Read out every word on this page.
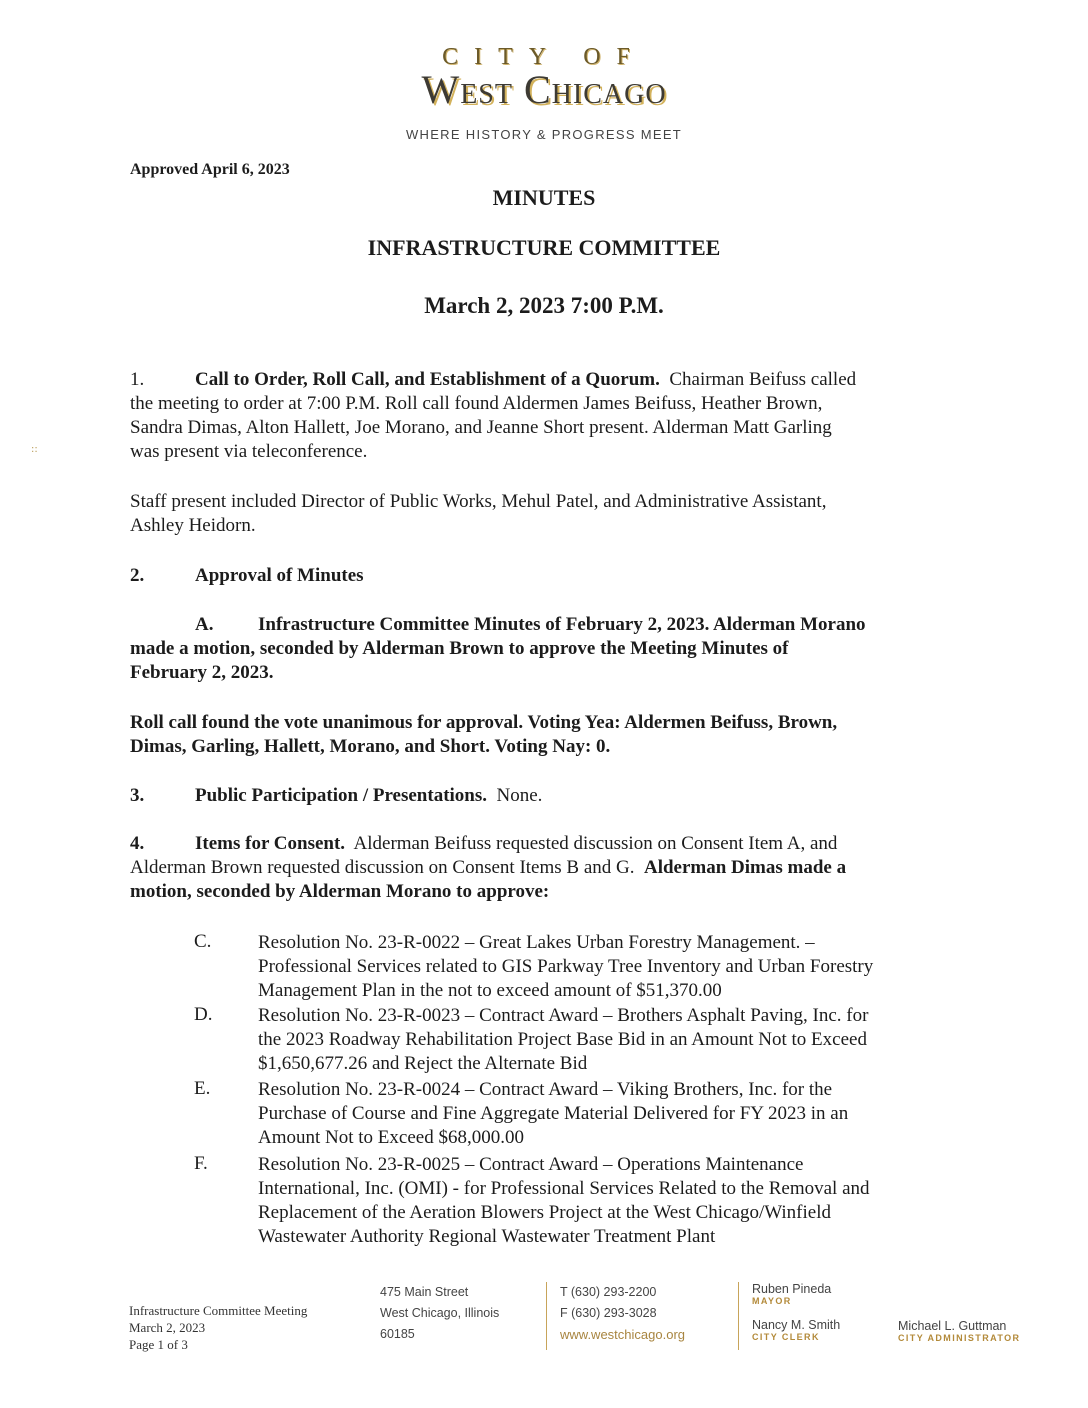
CITY OF
West Chicago
WHERE HISTORY & PROGRESS MEET
Approved April 6, 2023
MINUTES
INFRASTRUCTURE COMMITTEE
March 2, 2023 7:00 P.M.
::
1.	Call to Order, Roll Call, and Establishment of a Quorum. Chairman Beifuss called
the meeting to order at 7:00 P.M. Roll call found Aldermen James Beifuss, Heather Brown,
Sandra Dimas, Alton Hallett, Joe Morano, and Jeanne Short present. Alderman Matt Garling
was present via teleconference.
Staff present included Director of Public Works, Mehul Patel, and Administrative Assistant,
Ashley Heidorn.
2.	Approval of Minutes
A. Infrastructure Committee Minutes of February 2, 2023. Alderman Morano
made a motion, seconded by Alderman Brown to approve the Meeting Minutes of
February 2, 2023.
Roll call found the vote unanimous for approval. Voting Yea: Aldermen Beifuss, Brown,
Dimas, Garling, Hallett, Morano, and Short. Voting Nay: 0.
3.	Public Participation / Presentations. None.
4.	Items for Consent. Alderman Beifuss requested discussion on Consent Item A, and
Alderman Brown requested discussion on Consent Items B and G. Alderman Dimas made a
motion, seconded by Alderman Morano to approve:
C.	Resolution No. 23-R-0022 – Great Lakes Urban Forestry Management. –
Professional Services related to GIS Parkway Tree Inventory and Urban Forestry
Management Plan in the not to exceed amount of $51,370.00
D.	Resolution No. 23-R-0023 – Contract Award – Brothers Asphalt Paving, Inc. for
the 2023 Roadway Rehabilitation Project Base Bid in an Amount Not to Exceed
$1,650,677.26 and Reject the Alternate Bid
E.	Resolution No. 23-R-0024 – Contract Award – Viking Brothers, Inc. for the
Purchase of Course and Fine Aggregate Material Delivered for FY 2023 in an
Amount Not to Exceed $68,000.00
F.	Resolution No. 23-R-0025 – Contract Award – Operations Maintenance
International, Inc. (OMI) - for Professional Services Related to the Removal and
Replacement of the Aeration Blowers Project at the West Chicago/Winfield
Wastewater Authority Regional Wastewater Treatment Plant
Infrastructure Committee Meeting
March 2, 2023
Page 1 of 3
475 Main Street
West Chicago, Illinois
60185
T (630) 293-2200
F (630) 293-3028
www.westchicago.org
Ruben Pineda
MAYOR
Nancy M. Smith
CITY CLERK
Michael L. Guttman
CITY ADMINISTRATOR
